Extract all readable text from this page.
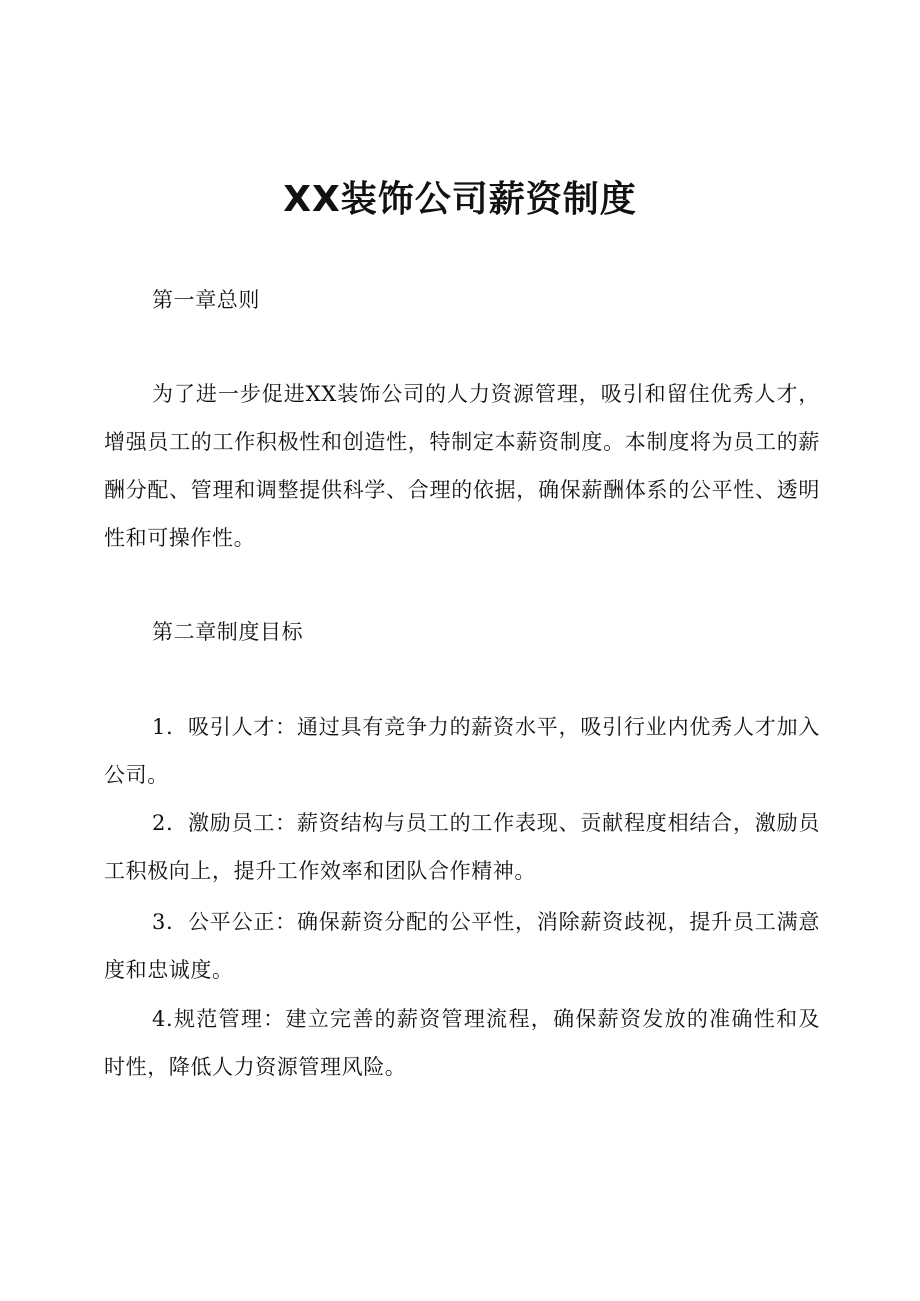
XX装饰公司薪资制度

第一章总则

为了进一步促进XX装饰公司的人力资源管理，吸引和留住优秀人才，增强员工的工作积极性和创造性，特制定本薪资制度。本制度将为员工的薪酬分配、管理和调整提供科学、合理的依据，确保薪酬体系的公平性、透明性和可操作性。

第二章制度目标

1．吸引人才：通过具有竞争力的薪资水平，吸引行业内优秀人才加入公司。

2．激励员工：薪资结构与员工的工作表现、贡献程度相结合，激励员工积极向上，提升工作效率和团队合作精神。

3．公平公正：确保薪资分配的公平性，消除薪资歧视，提升员工满意度和忠诚度。

4.规范管理：建立完善的薪资管理流程，确保薪资发放的准确性和及时性，降低人力资源管理风险。
